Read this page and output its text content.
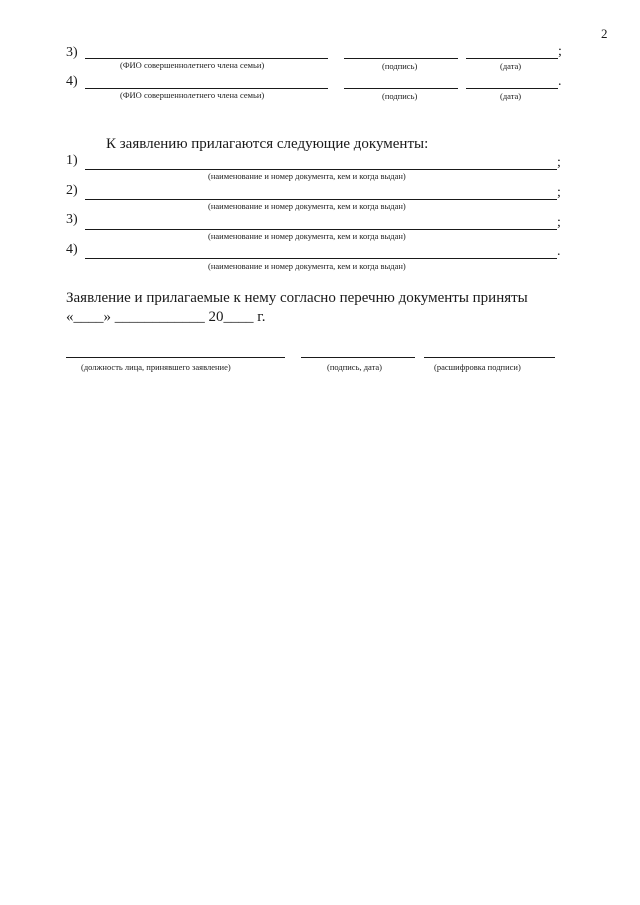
2
3)	;
(ФИО совершеннолетнего члена семьи)	(подпись)	(дата)
4)	.
(ФИО совершеннолетнего члена семьи)	(подпись)	(дата)
К заявлению прилагаются следующие документы:
1)	;
(наименование и номер документа, кем и когда выдан)
2)	;
(наименование и номер документа, кем и когда выдан)
3)	;
(наименование и номер документа, кем и когда выдан)
4)	.
(наименование и номер документа, кем и когда выдан)
Заявление и прилагаемые к нему согласно перечню документы приняты
«____» ____________ 20____ г.
(должность лица, принявшего заявление)	(подпись, дата)	(расшифровка подписи)
